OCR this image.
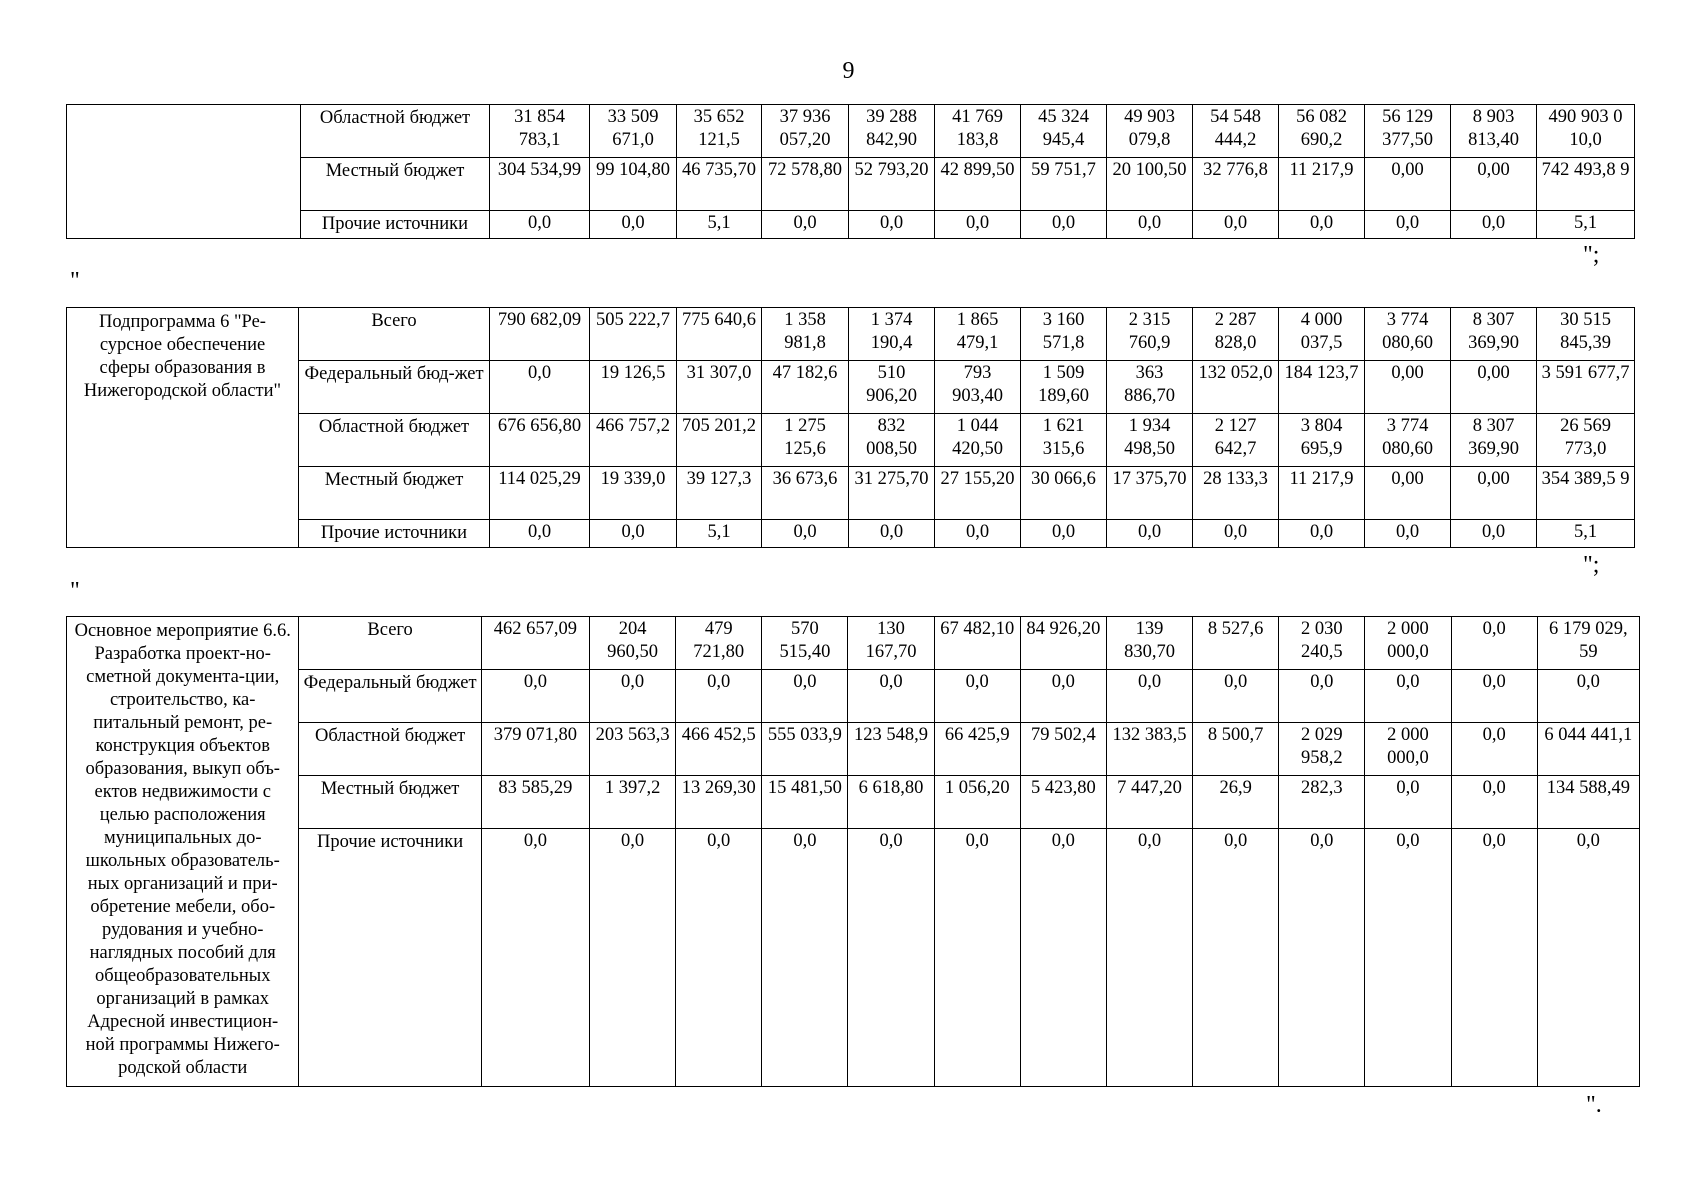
9
	Областной бюджет	31 854 783,1	33 509 671,0	35 652 121,5	37 936 057,20	39 288 842,90	41 769 183,8	45 324 945,4	49 903 079,8	54 548 444,2	56 082 690,2	56 129 377,50	8 903 813,40	490 903 0 10,0
	Местный бюджет	304 534,99	99 104,80	46 735,70	72 578,80	52 793,20	42 899,50	59 751,7	20 100,50	32 776,8	11 217,9	0,00	0,00	742 493,8 9
	Прочие источники	0,0	0,0	5,1	0,0	0,0	0,0	0,0	0,0	0,0	0,0	0,0	0,0	5,1
";
"
Подпрограмма 6 "Ре-сурсное обеспечение сферы образования в Нижегородской области"	Всего	790 682,09	505 222,7	775 640,6	1 358 981,8	1 374 190,4	1 865 479,1	3 160 571,8	2 315 760,9	2 287 828,0	4 000 037,5	3 774 080,60	8 307 369,90	30 515 845,39
	Федеральный бюд-жет	0,0	19 126,5	31 307,0	47 182,6	510 906,20	793 903,40	1 509 189,60	363 886,70	132 052,0	184 123,7	0,00	0,00	3 591 677,7
	Областной бюджет	676 656,80	466 757,2	705 201,2	1 275 125,6	832 008,50	1 044 420,50	1 621 315,6	1 934 498,50	2 127 642,7	3 804 695,9	3 774 080,60	8 307 369,90	26 569 773,0
	Местный бюджет	114 025,29	19 339,0	39 127,3	36 673,6	31 275,70	27 155,20	30 066,6	17 375,70	28 133,3	11 217,9	0,00	0,00	354 389,5 9
	Прочие источники	0,0	0,0	5,1	0,0	0,0	0,0	0,0	0,0	0,0	0,0	0,0	0,0	5,1
";
"
Основное мероприятие 6.6. Разработка проект-но-сметной документа-ции, строительство, ка-питальный ремонт, ре-конструкция объектов образования, выкуп объ-ектов недвижимости с целью расположения муниципальных до-школьных образователь-ных организаций и при-обретение мебели, обо-рудования и учебно-наглядных пособий для общеобразовательных организаций в рамках Адресной инвестицион-ной программы Нижего-родской области	Всего	462 657,09	204 960,50	479 721,80	570 515,40	130 167,70	67 482,10	84 926,20	139 830,70	8 527,6	2 030 240,5	2 000 000,0	0,0	6 179 029, 59
	Федеральный бюджет	0,0	0,0	0,0	0,0	0,0	0,0	0,0	0,0	0,0	0,0	0,0	0,0	0,0
	Областной бюджет	379 071,80	203 563,3	466 452,5	555 033,9	123 548,9	66 425,9	79 502,4	132 383,5	8 500,7	2 029 958,2	2 000 000,0	0,0	6 044 441,1
	Местный бюджет	83 585,29	1 397,2	13 269,30	15 481,50	6 618,80	1 056,20	5 423,80	7 447,20	26,9	282,3	0,0	0,0	134 588,49
	Прочие источники	0,0	0,0	0,0	0,0	0,0	0,0	0,0	0,0	0,0	0,0	0,0	0,0	0,0
".
